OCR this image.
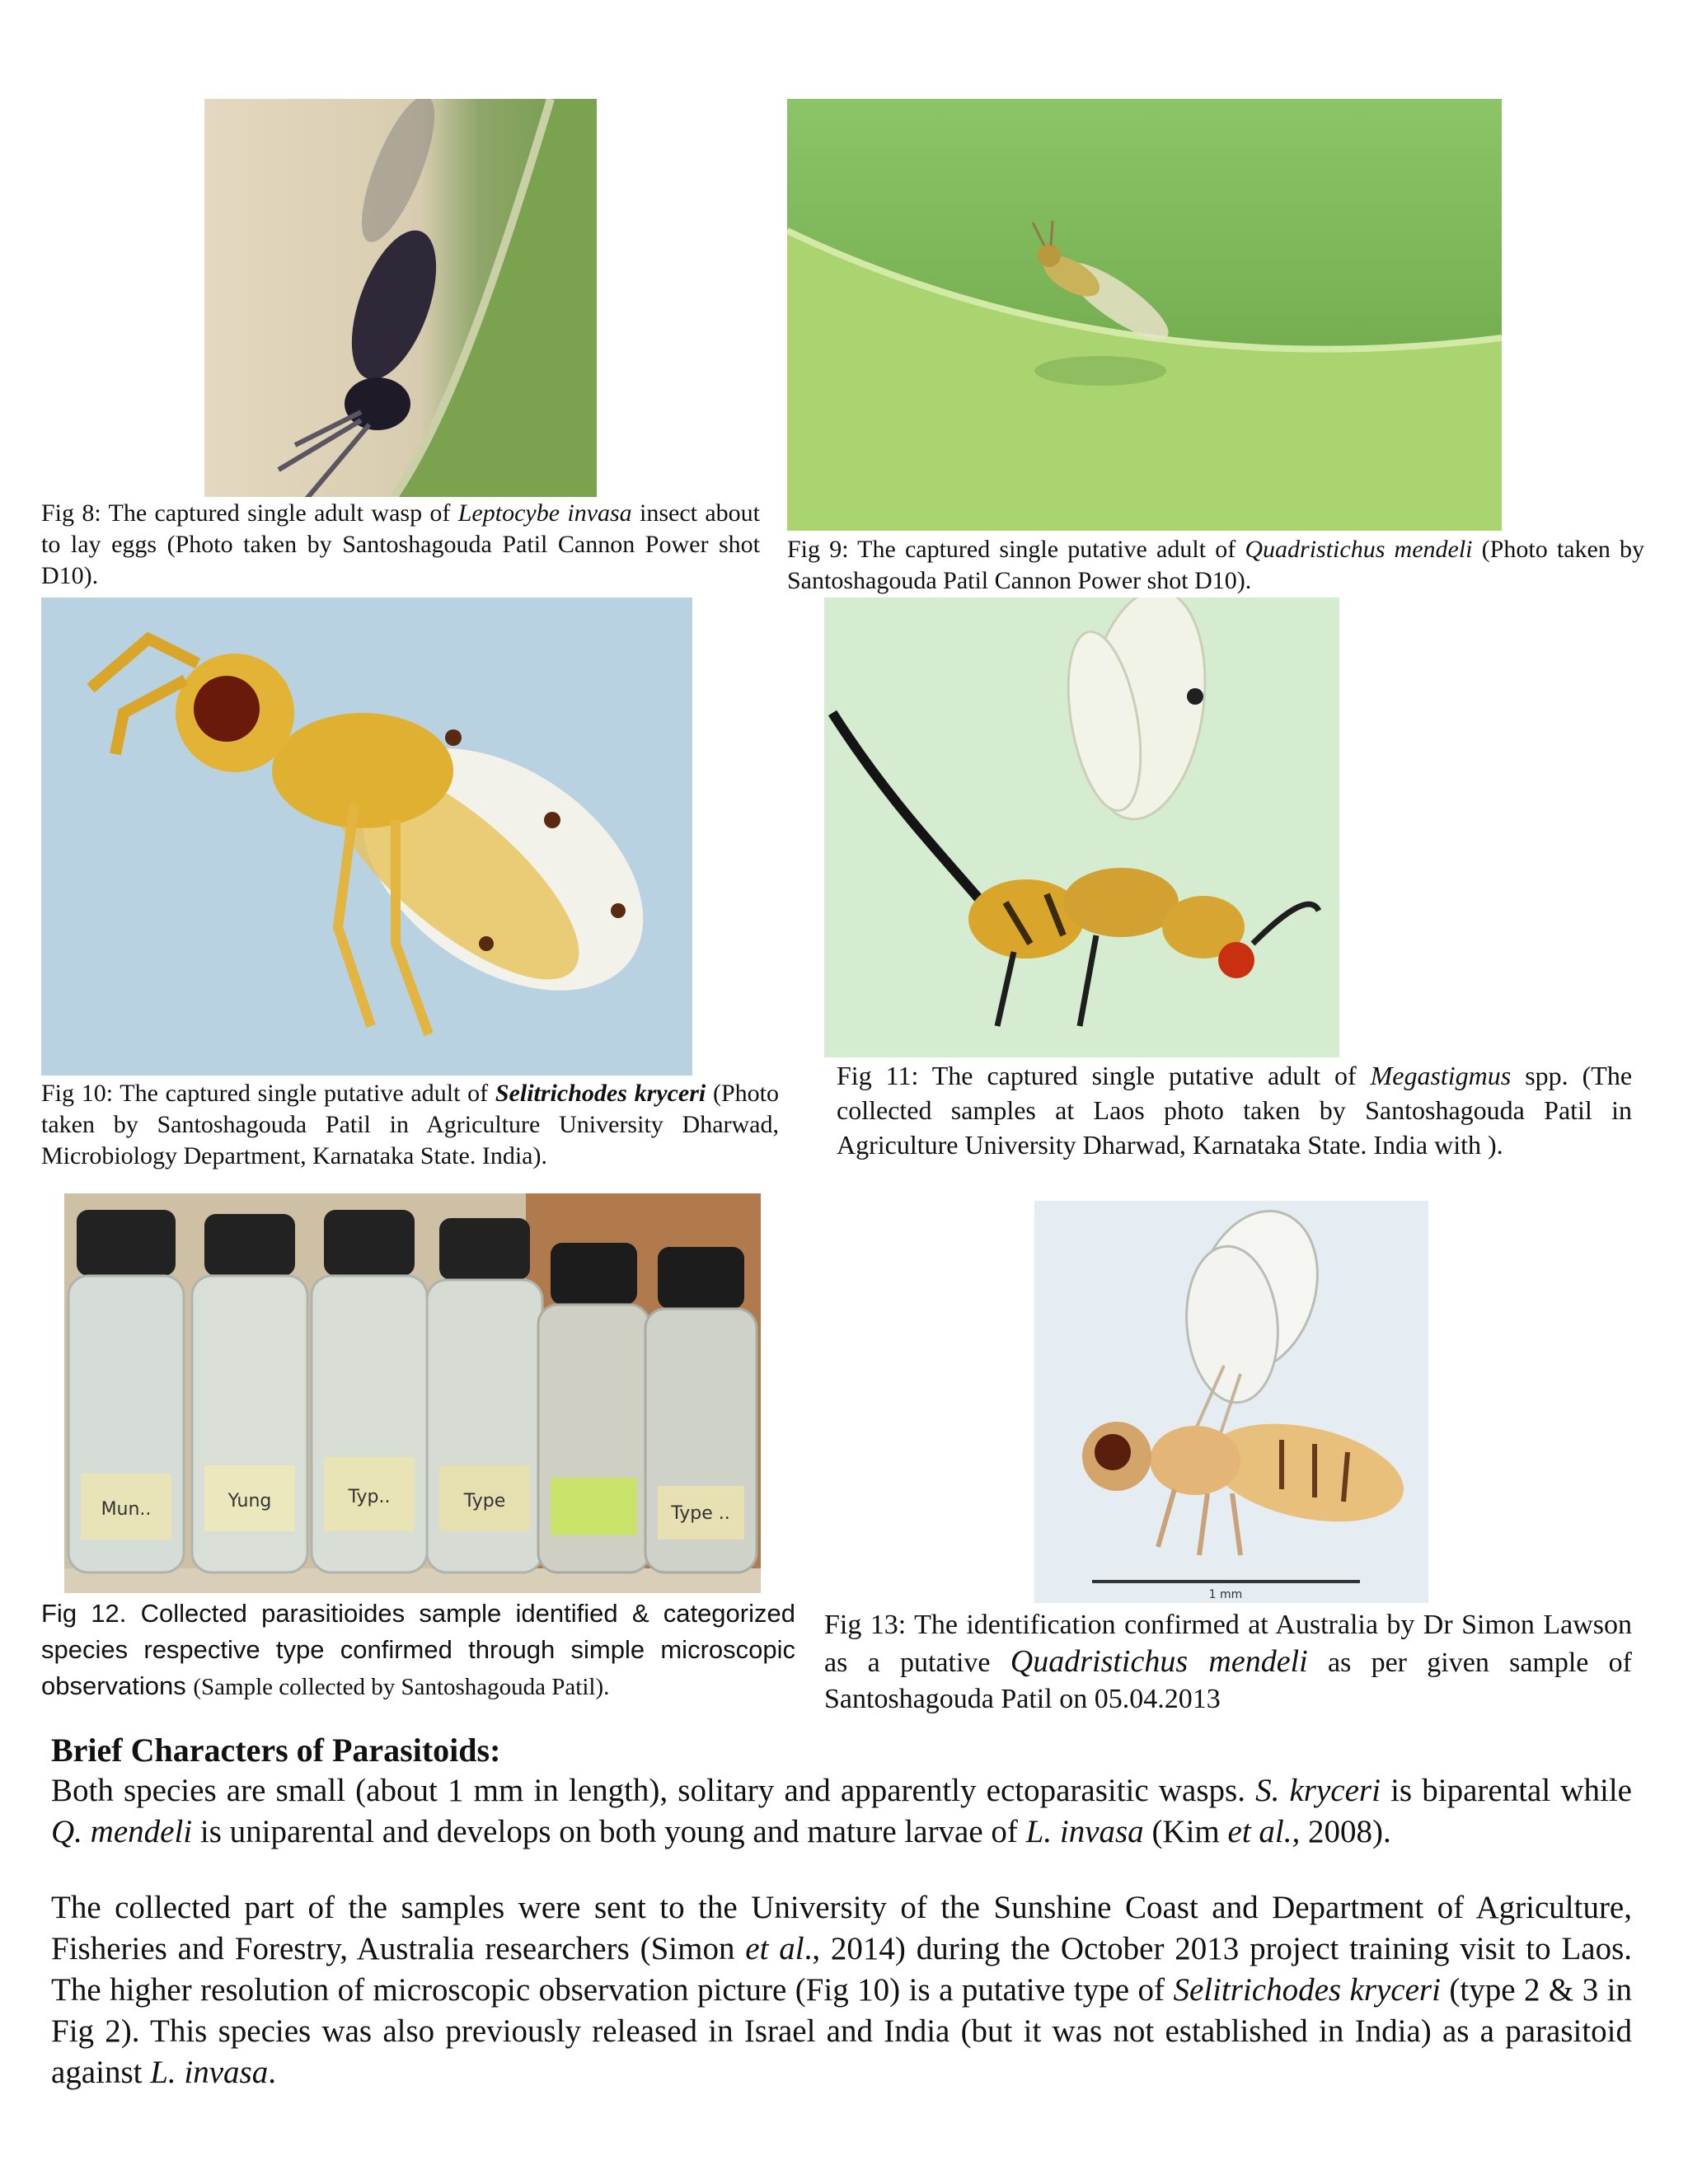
Fig 8: The captured single adult wasp of Leptocybe invasa insect about to lay eggs (Photo taken by Santoshagouda Patil Cannon Power shot D10).
Fig 9: The captured single putative adult of Quadristichus mendeli (Photo taken by Santoshagouda Patil Cannon Power shot D10).
Fig 10: The captured single putative adult of Selitrichodes kryceri (Photo taken by Santoshagouda Patil in Agriculture University Dharwad, Microbiology Department, Karnataka State. India).
Fig 11: The captured single putative adult of Megastigmus spp. (The collected samples at Laos photo taken by Santoshagouda Patil in Agriculture University Dharwad, Karnataka State. India with ).
Mun..	Yung	Typ..	Type
Type ..
Fig 12. Collected parasitioides sample identified & categorized species respective type confirmed through simple microscopic observations (Sample collected by Santoshagouda Patil).
1 mm
Fig 13: The identification confirmed at Australia by Dr Simon Lawson as a putative Quadristichus mendeli as per given sample of Santoshagouda Patil on 05.04.2013
Brief Characters of Parasitoids:
Both species are small (about 1 mm in length), solitary and apparently ectoparasitic wasps. S. kryceri is biparental while Q. mendeli is uniparental and develops on both young and mature larvae of L. invasa (Kim et al., 2008).
The collected part of the samples were sent to the University of the Sunshine Coast and Department of Agriculture, Fisheries and Forestry, Australia researchers (Simon et al., 2014) during the October 2013 project training visit to Laos. The higher resolution of microscopic observation picture (Fig 10) is a putative type of Selitrichodes kryceri (type 2 & 3 in Fig 2). This species was also previously released in Israel and India (but it was not established in India) as a parasitoid against L. invasa.
